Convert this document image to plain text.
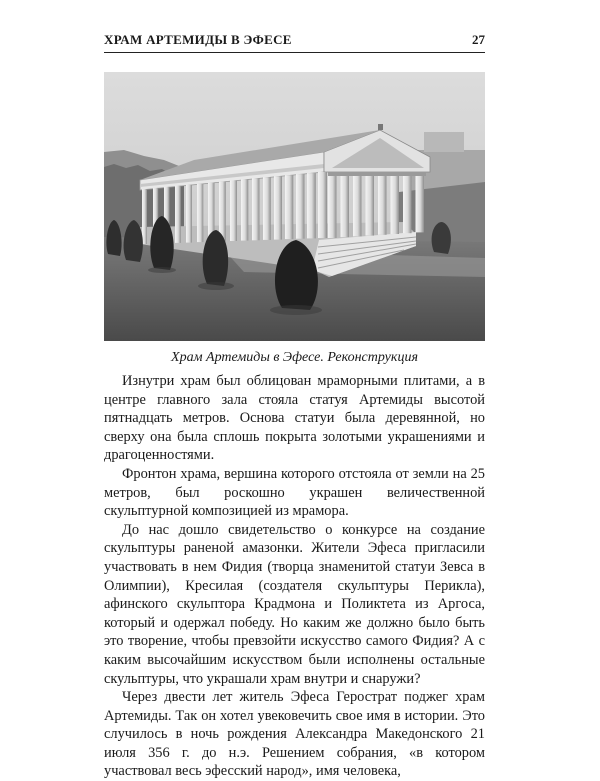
ХРАМ АРТЕМИДЫ В ЭФЕСЕ	27
Храм Артемиды в Эфесе. Реконструкция

Изнутри храм был облицован мраморными плитами, а в центре главного зала стояла статуя Артемиды высотой пятнадцать метров. Основа статуи была деревянной, но сверху она была сплошь покрыта золотыми украшениями и драгоценностями.

Фронтон храма, вершина которого отстояла от земли на 25 метров, был роскошно украшен величественной скульптурной композицией из мрамора.

До нас дошло свидетельство о конкурсе на создание скульптуры раненой амазонки. Жители Эфеса пригласили участвовать в нем Фидия (творца знаменитой статуи Зевса в Олимпии), Кресилая (создателя скульптуры Перикла), афинского скульптора Крадмона и Поликтета из Аргоса, который и одержал победу. Но каким же должно было быть это творение, чтобы превзойти искусство самого Фидия? А с каким высочайшим искусством были исполнены остальные скульптуры, что украшали храм внутри и снаружи?

Через двести лет житель Эфеса Герострат поджег храм Артемиды. Так он хотел увековечить свое имя в истории. Это случилось в ночь рождения Александра Македонского 21 июля 356 г. до н.э. Решением собрания, «в котором участвовал весь эфесский народ», имя человека,
